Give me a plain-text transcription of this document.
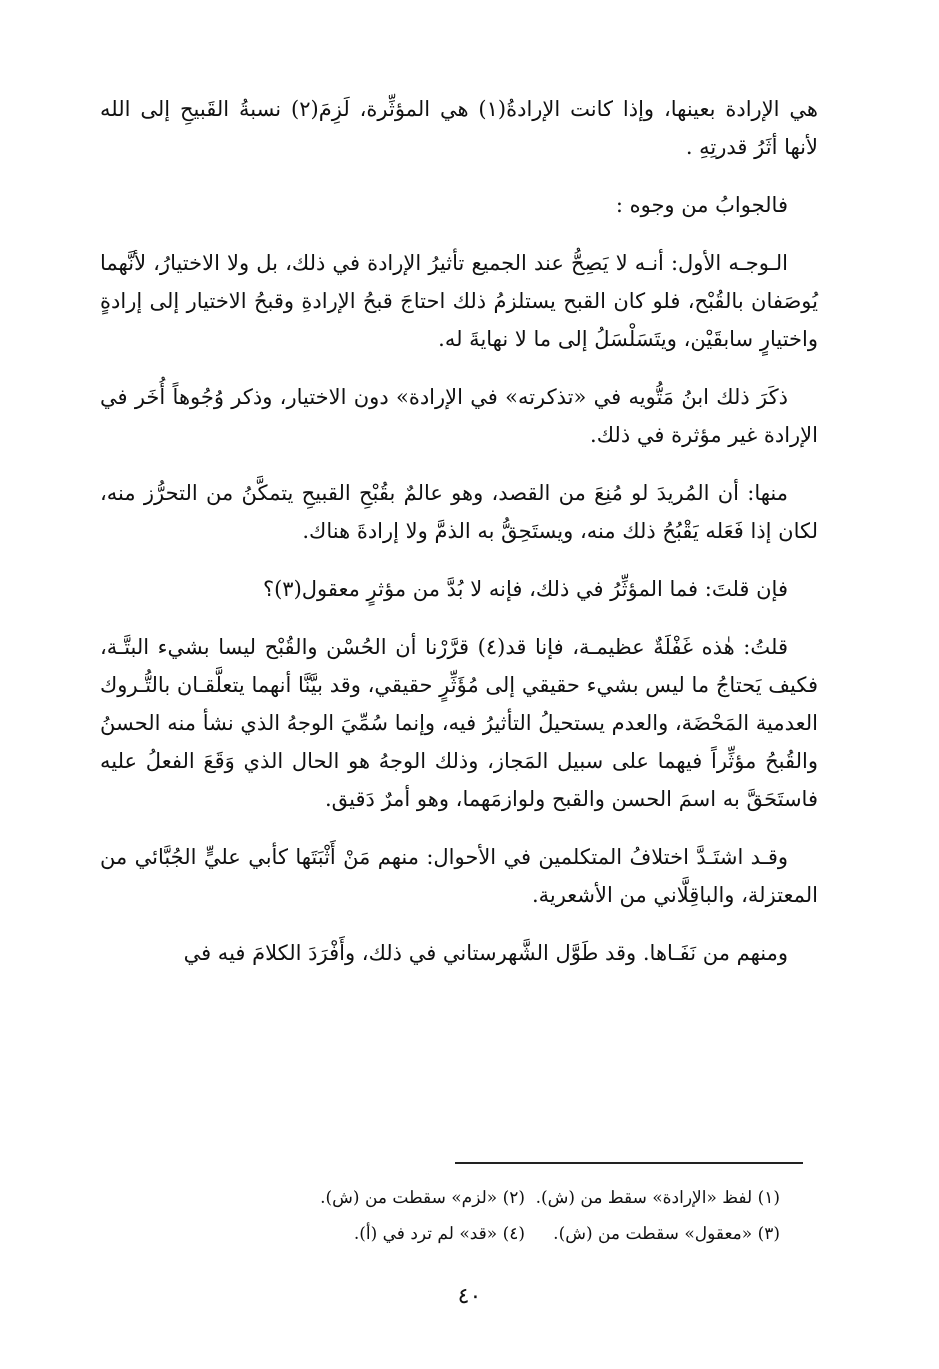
هي الإرادة بعينها، وإذا كانت الإرادةُ(١) هي المؤثِّرة، لَزِمَ(٢) نسبةُ القَبيحِ إلى الله لأنها أثَرُ قدرتِهِ .

فالجوابُ من وجوه :

الـوجـه الأول: أنـه لا يَصِحُّ عند الجميع تأثيرُ الإرادة في ذلك، بل ولا الاختيارُ، لأنَّهما يُوصَفان بالقُبْح، فلو كان القبح يستلزمُ ذلك احتاجَ قبحُ الإرادةِ وقبحُ الاختيار إلى إرادةٍ واختيارٍ سابقَيْن، ويتَسَلْسَلُ إلى ما لا نهايةَ له.

ذكَرَ ذلك ابنُ مَتُّويه في «تذكرته» في الإرادة» دون الاختيار، وذكر وُجُوهاً أُخَر في الإرادة غير مؤثرة في ذلك.

منها: أن المُريدَ لو مُنِعَ من القصد، وهو عالمٌ بقُبْحِ القبيحِ يتمكَّنُ من التحرُّز منه، لكان إذا فَعَله يَقْبُحُ ذلك منه، ويستَحِقُّ به الذمَّ ولا إرادةَ هناك.

فإن قلتَ: فما المؤثِّرُ في ذلك، فإنه لا بُدَّ من مؤثرٍ معقول(٣)؟

قلتُ: هٰذه غَفْلَةٌ عظيمـة، فإنا قد(٤) قرَّرْنا أن الحُسْن والقُبْح ليسا بشيء البتَّـة، فكيف يَحتاجُ ما ليس بشيء حقيقي إلى مُؤَثِّرٍ حقيقي، وقد بيَّنَّا أنهما يتعلَّقـان بالتُّـروك العدمية المَحْضَة، والعدم يستحيلُ التأثيرُ فيه، وإنما سُمِّيَ الوجهُ الذي نشأ منه الحسنُ والقُبحُ مؤثِّراً فيهما على سبيل المَجاز، وذلك الوجهُ هو الحال الذي وَقَعَ الفعلُ عليه فاستَحَقَّ به اسمَ الحسن والقبح ولوازمَهما، وهو أمرٌ دَقيق.

وقـد اشتَـدَّ اختلافُ المتكلمين في الأحوال: منهم مَنْ أَثْبَتَها كأبي عليٍّ الجُبَّائي من المعتزلة، والباقِلَّاني من الأشعرية.

ومنهم من نَفَـاها. وقد طَوَّل الشَّهرستاني في ذلك، وأَفْرَدَ الكلامَ فيه في

(١) لفظ «الإرادة» سقط من (ش).
(٢) «لزم» سقطت من (ش).
(٣) «معقول» سقطت من (ش).
(٤) «قد» لم ترد في (أ).
٤٠
